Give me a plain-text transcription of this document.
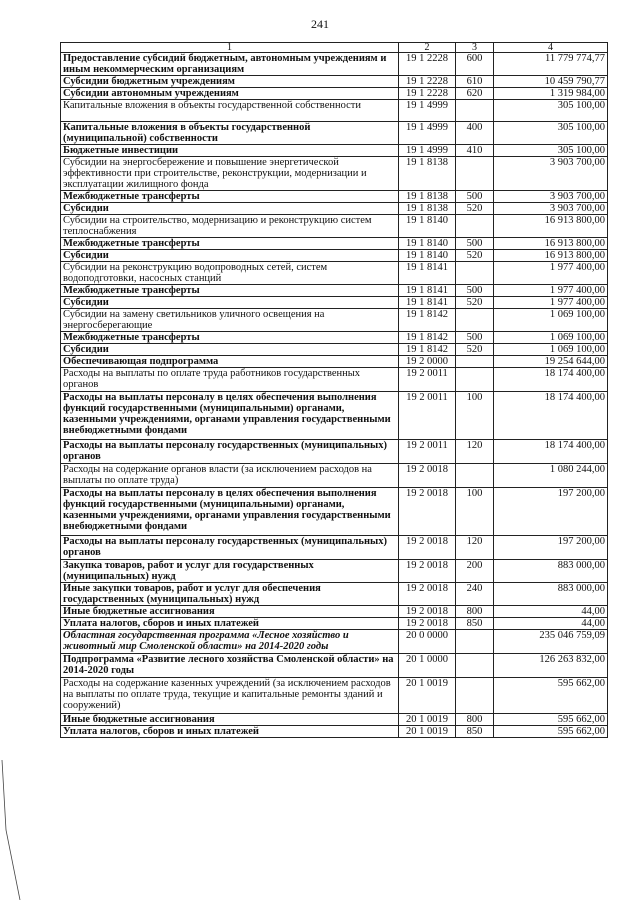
241
1	2	3	4
Предоставление субсидий бюджетным, автономным учреждениям и иным некоммерческим организациям	19 1 2228	600	11 779 774,77
Субсидии бюджетным учреждениям	19 1 2228	610	10 459 790,77
Субсидии автономным учреждениям	19 1 2228	620	1 319 984,00
Капитальные вложения в объекты государственной собственности	19 1 4999		305 100,00
Капитальные вложения в объекты государственной (муниципальной) собственности	19 1 4999	400	305 100,00
Бюджетные инвестиции	19 1 4999	410	305 100,00
Субсидии на энергосбережение и повышение энергетической эффективности при строительстве, реконструкции, модернизации и эксплуатации жилищного фонда	19 1 8138		3 903 700,00
Межбюджетные трансферты	19 1 8138	500	3 903 700,00
Субсидии	19 1 8138	520	3 903 700,00
Субсидии на строительство, модернизацию и реконструкцию систем теплоснабжения	19 1 8140		16 913 800,00
Межбюджетные трансферты	19 1 8140	500	16 913 800,00
Субсидии	19 1 8140	520	16 913 800,00
Субсидии на реконструкцию водопроводных сетей, систем водоподготовки, насосных станций	19 1 8141		1 977 400,00
Межбюджетные трансферты	19 1 8141	500	1 977 400,00
Субсидии	19 1 8141	520	1 977 400,00
Субсидии на замену светильников уличного освещения на энергосберегающие	19 1 8142		1 069 100,00
Межбюджетные трансферты	19 1 8142	500	1 069 100,00
Субсидии	19 1 8142	520	1 069 100,00
Обеспечивающая подпрограмма	19 2 0000		19 254 644,00
Расходы на выплаты по оплате труда работников государственных органов	19 2 0011		18 174 400,00
Расходы на выплаты персоналу в целях обеспечения выполнения функций государственными (муниципальными) органами, казенными учреждениями, органами управления государственными внебюджетными фондами	19 2 0011	100	18 174 400,00
Расходы на выплаты персоналу государственных (муниципальных) органов	19 2 0011	120	18 174 400,00
Расходы на содержание органов власти (за исключением расходов на выплаты по оплате труда)	19 2 0018		1 080 244,00
Расходы на выплаты персоналу в целях обеспечения выполнения функций государственными (муниципальными) органами, казенными учреждениями, органами управления государственными внебюджетными фондами	19 2 0018	100	197 200,00
Расходы на выплаты персоналу государственных (муниципальных) органов	19 2 0018	120	197 200,00
Закупка товаров, работ и услуг для государственных (муниципальных) нужд	19 2 0018	200	883 000,00
Иные закупки товаров, работ и услуг для обеспечения государственных (муниципальных) нужд	19 2 0018	240	883 000,00
Иные бюджетные ассигнования	19 2 0018	800	44,00
Уплата налогов, сборов и иных платежей	19 2 0018	850	44,00
Областная государственная программа «Лесное хозяйство и животный мир Смоленской области» на 2014-2020 годы	20 0 0000		235 046 759,09
Подпрограмма «Развитие лесного хозяйства Смоленской области» на 2014-2020 годы	20 1 0000		126 263 832,00
Расходы на содержание казенных учреждений (за исключением расходов на выплаты по оплате труда, текущие и капитальные ремонты зданий и сооружений)	20 1 0019		595 662,00
Иные бюджетные ассигнования	20 1 0019	800	595 662,00
Уплата налогов, сборов и иных платежей	20 1 0019	850	595 662,00
